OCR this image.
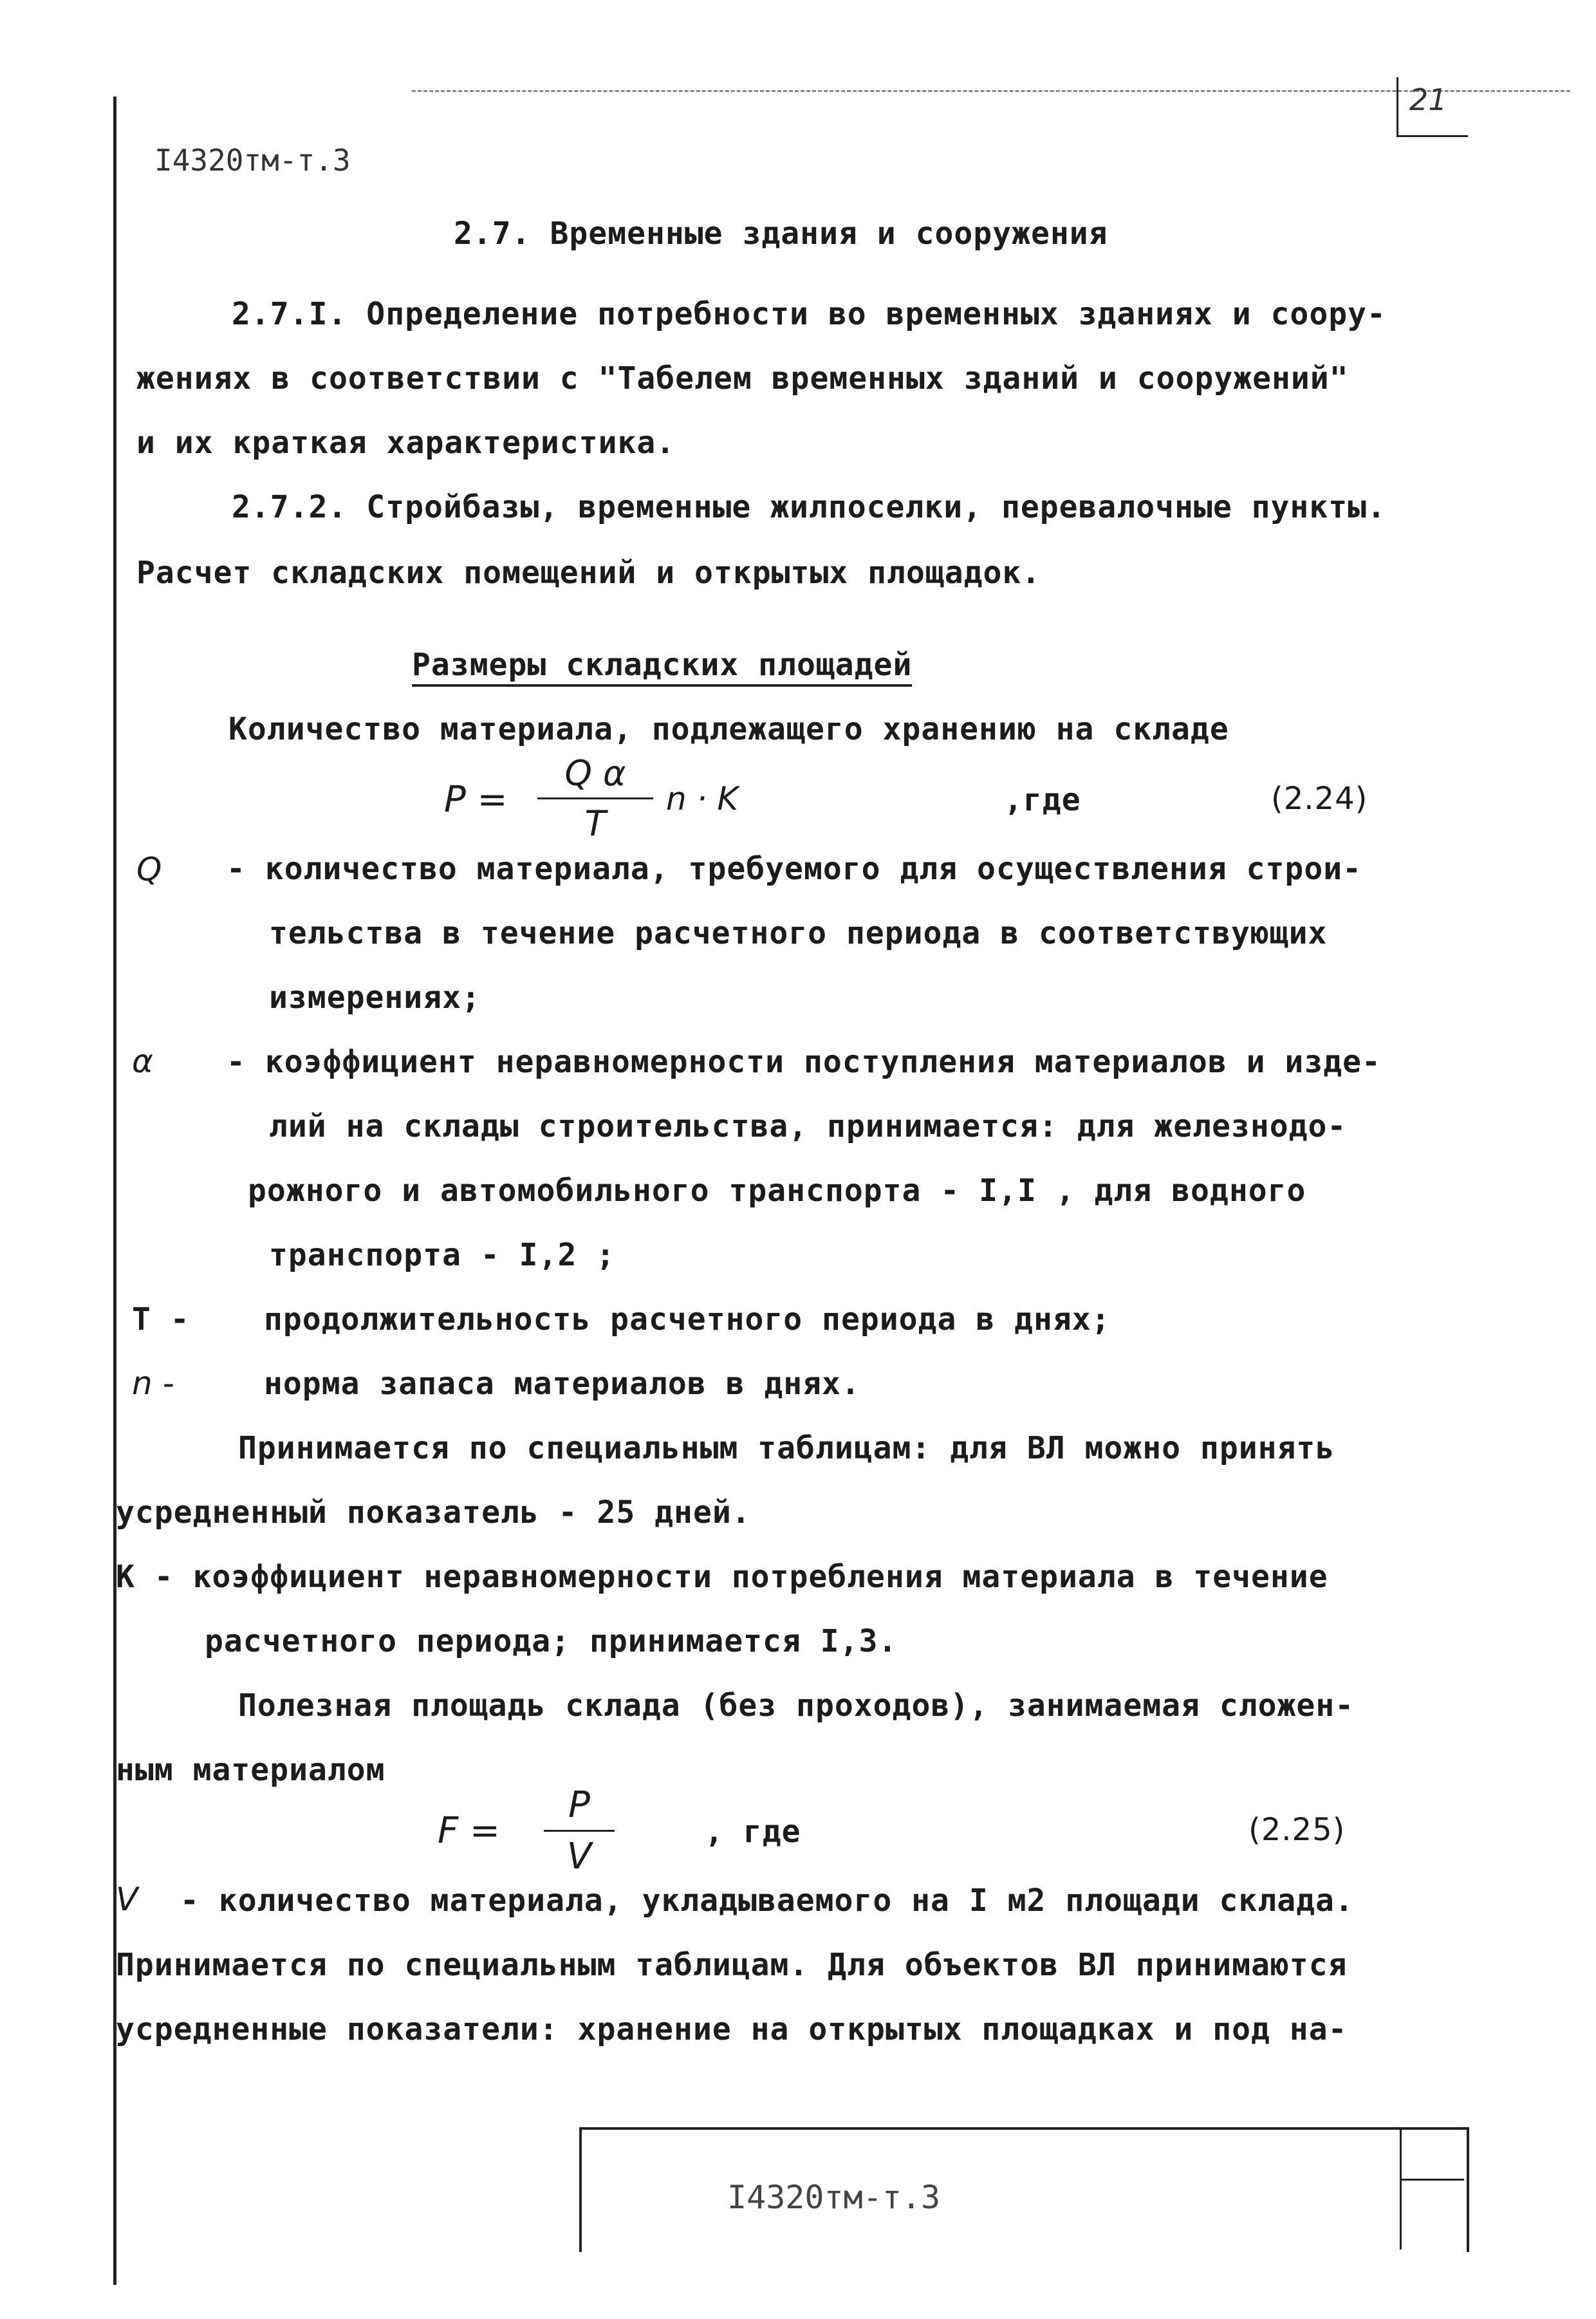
21
I4320тм-т.3
2.7. Временные здания и сооружения
2.7.I. Определение потребности во временных зданиях и соору-
жениях в соответствии с "Табелем временных зданий и сооружений"
и их краткая характеристика.
2.7.2. Стройбазы, временные жилпоселки, перевалочные пункты.
Расчет складских помещений и открытых площадок.
Размеры складских площадей
Количество материала, подлежащего хранению на складе
P =
Q α
T
n · K	,где	(2.24)
Q - количество материала, требуемого для осуществления строи-
тельства в течение расчетного периода в соответствующих
измерениях;
α - коэффициент неравномерности поступления материалов и изде-
лий на склады строительства, принимается: для железнодо-
рожного и автомобильного транспорта - I,I , для водного
транспорта - I,2 ;
T - продолжительность расчетного периода в днях;
n -	норма запаса материалов в днях.
Принимается по специальным таблицам: для ВЛ можно принять
усредненный показатель - 25 дней.
К - коэффициент неравномерности потребления материала в течение
расчетного периода; принимается I,3.
Полезная площадь склада (без проходов), занимаемая сложен-
ным материалом
F =
P
V
, где	(2.25)
V - количество материала, укладываемого на I м2 площади склада.
Принимается по специальным таблицам. Для объектов ВЛ принимаются
усредненные показатели: хранение на открытых площадках и под на-
I4320тм-т.3
